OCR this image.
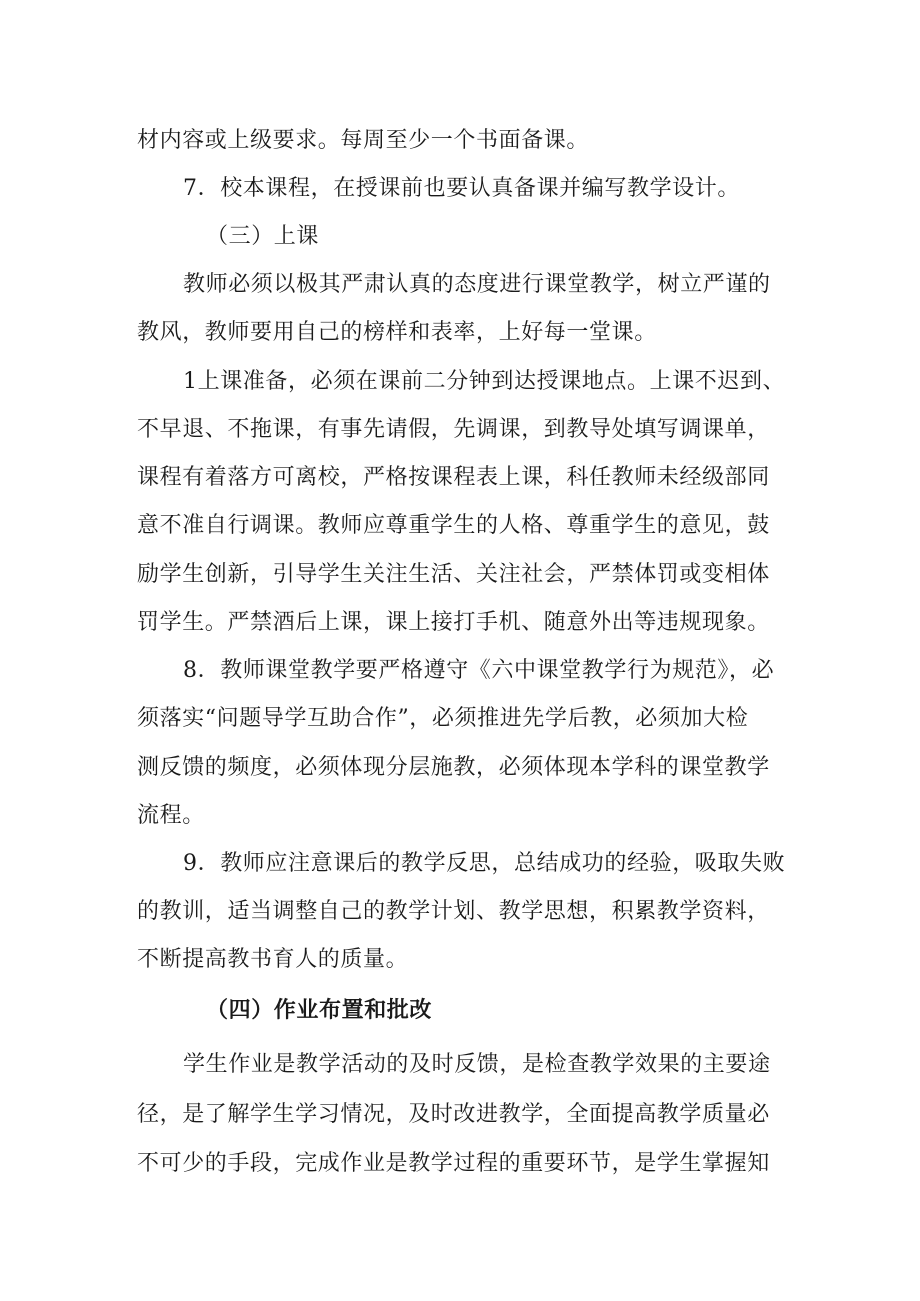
材内容或上级要求。每周至少一个书面备课。
7．校本课程，在授课前也要认真备课并编写教学设计。
（三）上课
教师必须以极其严肃认真的态度进行课堂教学，树立严谨的
教风，教师要用自己的榜样和表率，上好每一堂课。
1上课准备，必须在课前二分钟到达授课地点。上课不迟到、
不早退、不拖课，有事先请假，先调课，到教导处填写调课单，
课程有着落方可离校，严格按课程表上课，科任教师未经级部同
意不准自行调课。教师应尊重学生的人格、尊重学生的意见，鼓
励学生创新，引导学生关注生活、关注社会，严禁体罚或变相体
罚学生。严禁酒后上课，课上接打手机、随意外出等违规现象。
8．教师课堂教学要严格遵守《六中课堂教学行为规范》，必
须落实“问题导学互助合作”，必须推进先学后教，必须加大检
测反馈的频度，必须体现分层施教，必须体现本学科的课堂教学
流程。
9．教师应注意课后的教学反思，总结成功的经验，吸取失败
的教训，适当调整自己的教学计划、教学思想，积累教学资料，
不断提高教书育人的质量。
（四）作业布置和批改
学生作业是教学活动的及时反馈，是检查教学效果的主要途
径，是了解学生学习情况，及时改进教学，全面提高教学质量必
不可少的手段，完成作业是教学过程的重要环节，是学生掌握知
